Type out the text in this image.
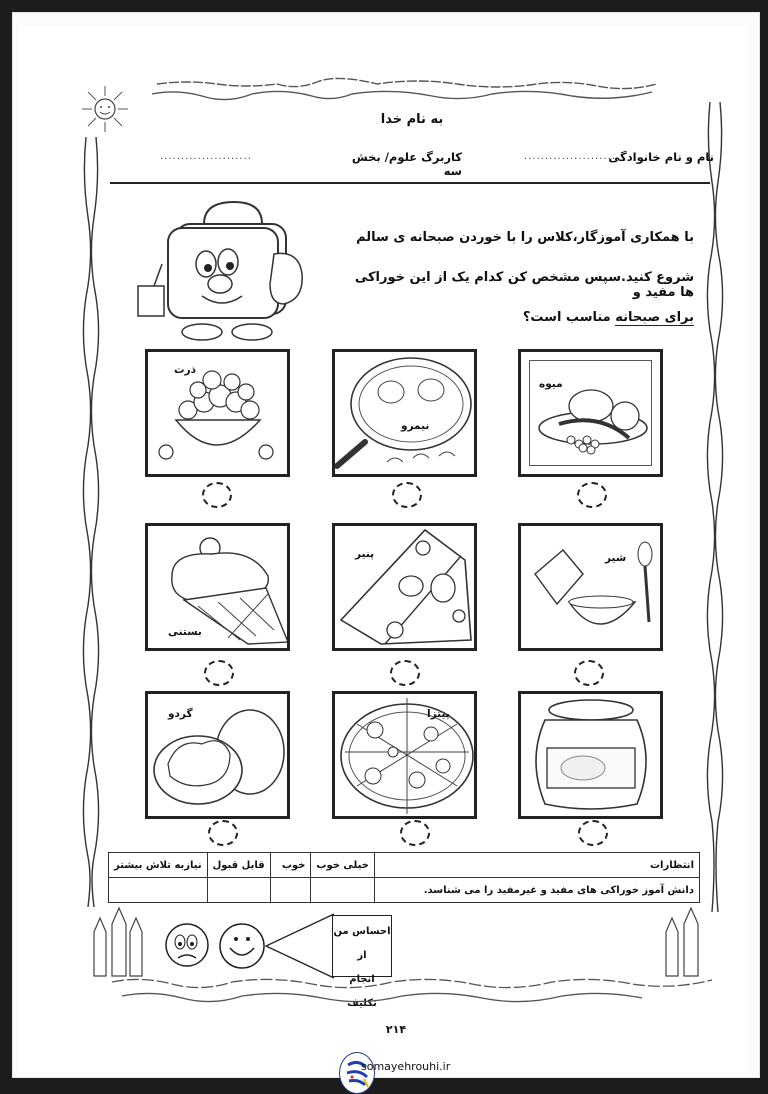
به نام خدا
نام و نام خانوادگی
......................
کاربرگ علوم/ بخش سه
......................
با همکاری آموزگار،کلاس را با خوردن صبحانه ی سالم
شروع کنید.سپس مشخص کن کدام یک از این خوراکی ها مفید و
برای صبحانه مناسب است؟
ذرت
نیمرو
میوه
بستنی
پنیر	شیر
گردو	پیتزا
انتظارات	خیلی خوب	خوب	قابل قبول	نیازبه تلاش بیشتر
دانش آموز خوراکی های مفید و غیرمفید را می شناسد.				
احساس من از
انجام تکلیف
۲۱۴
somayehrouhi.ir
